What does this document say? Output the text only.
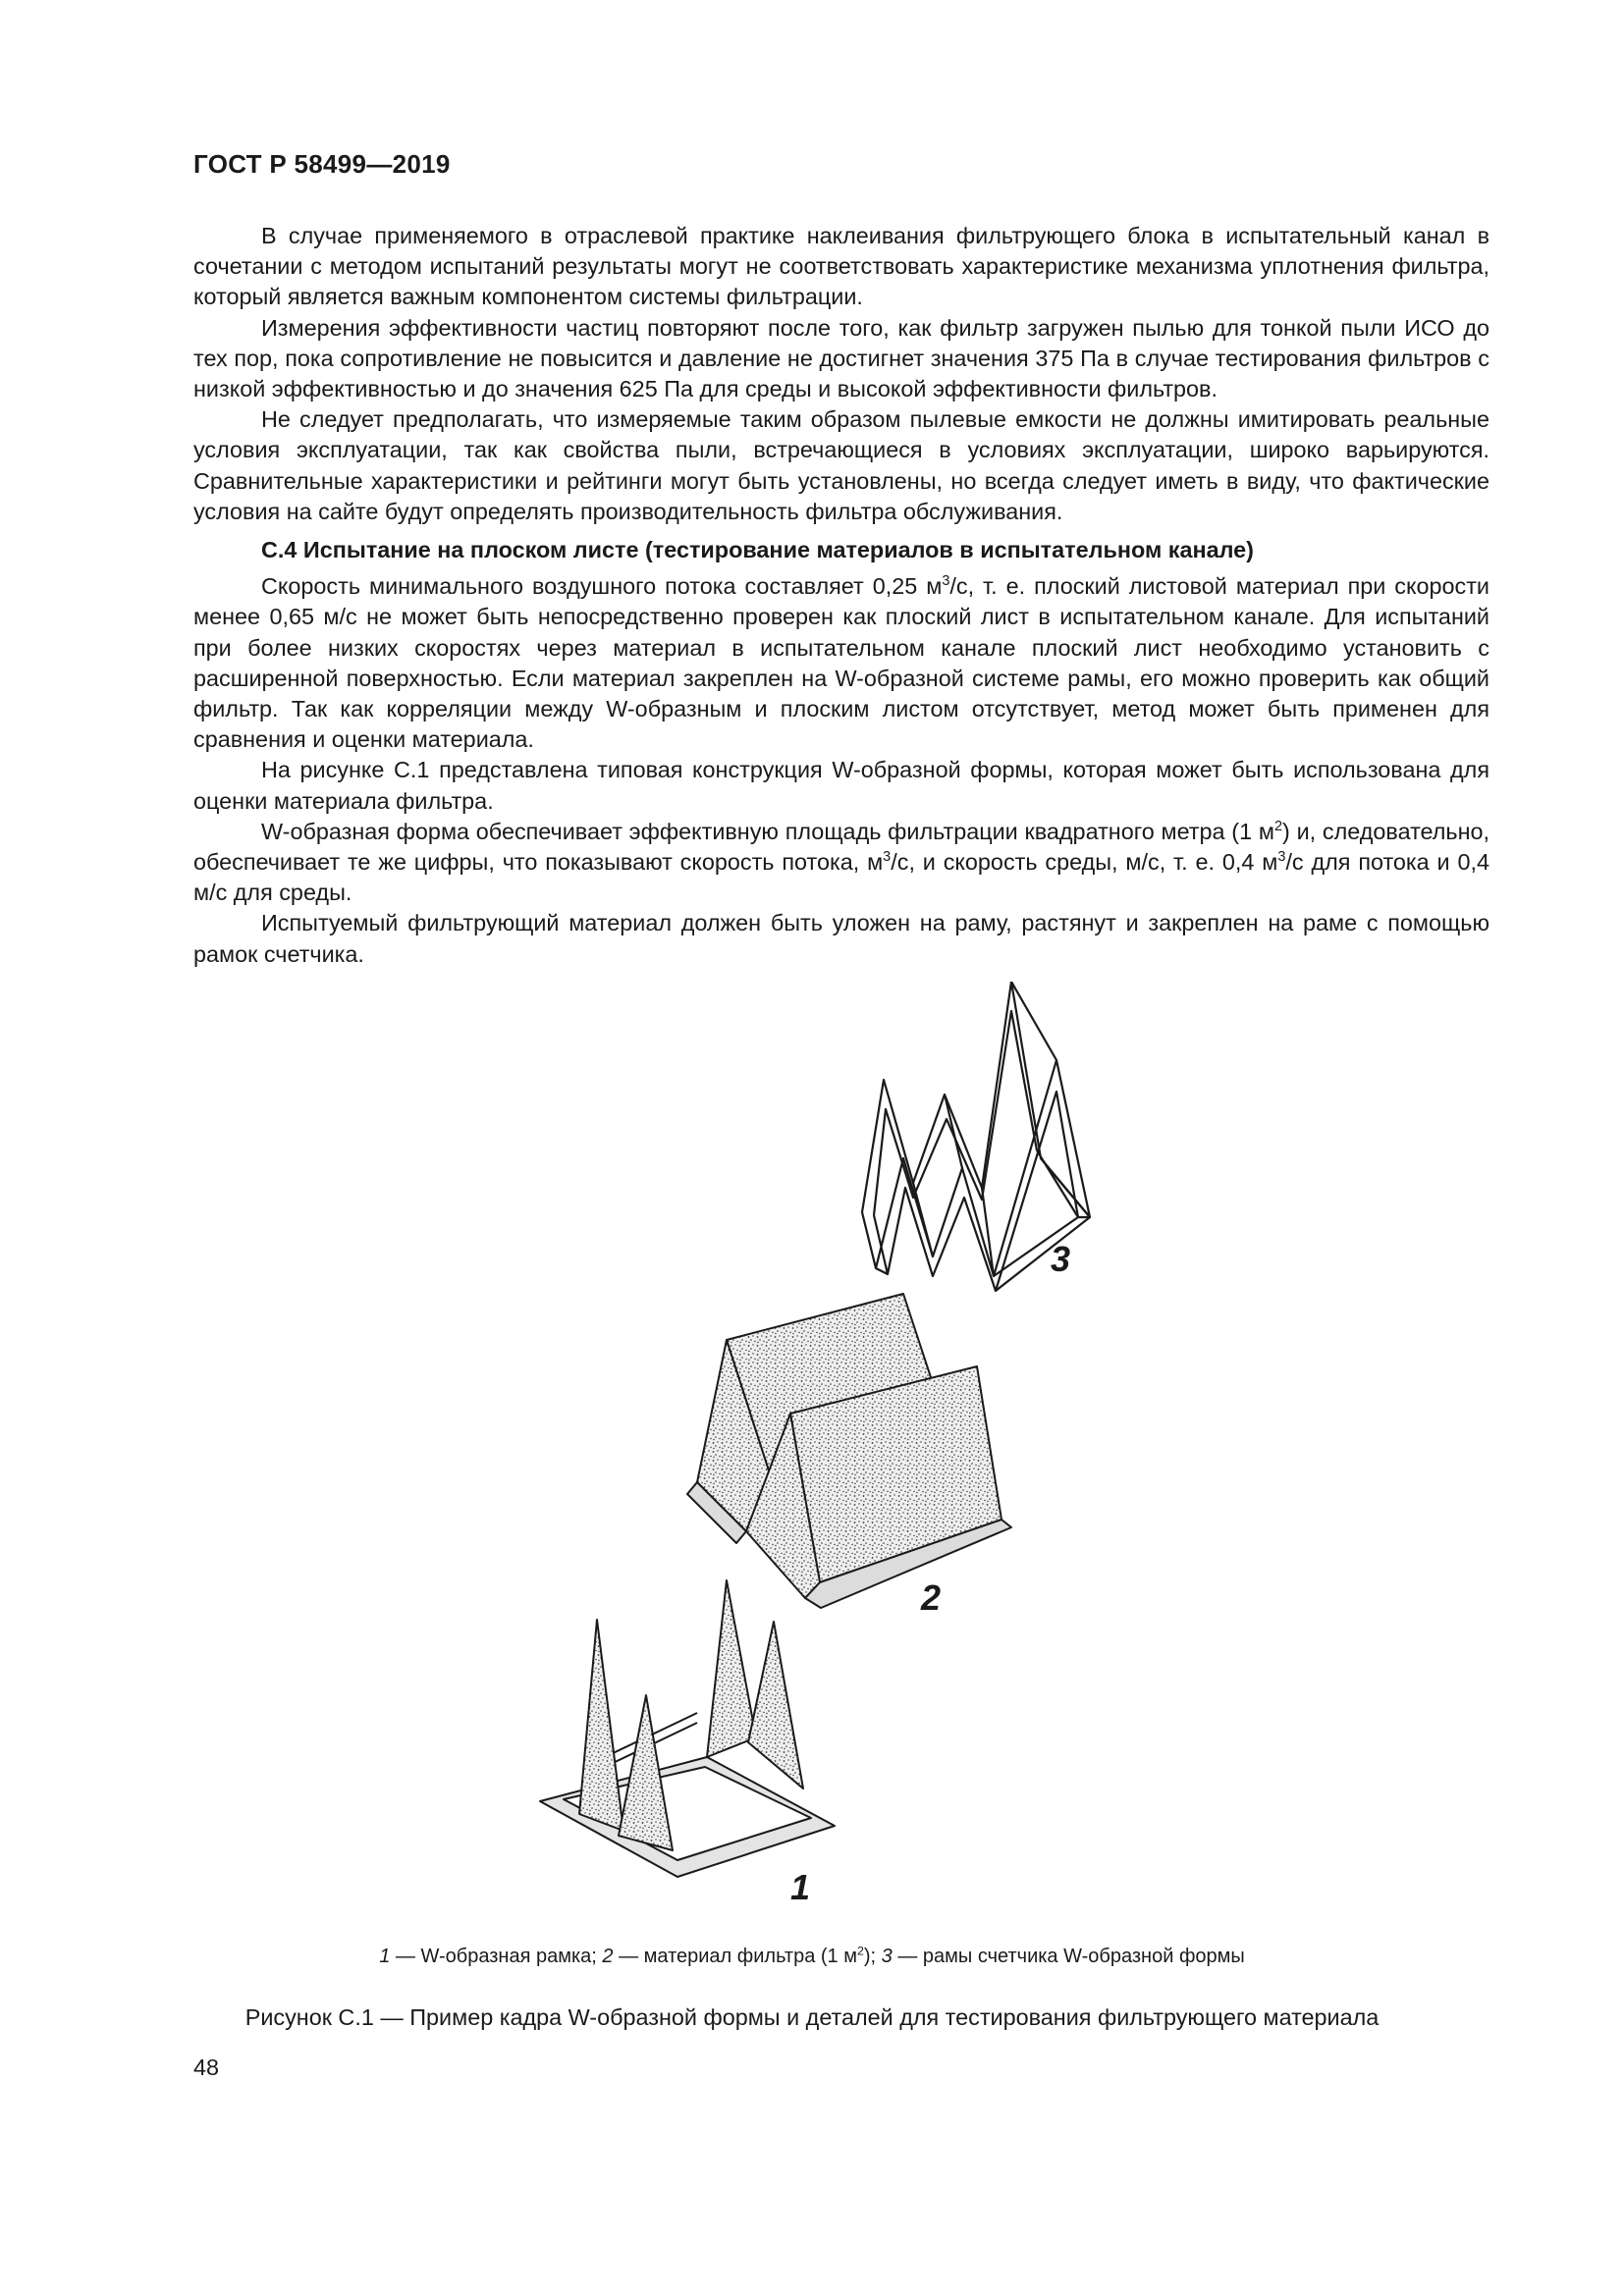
ГОСТ Р 58499—2019

В случае применяемого в отраслевой практике наклеивания фильтрующего блока в испытательный канал в сочетании с методом испытаний результаты могут не соответствовать характеристике механизма уплотнения фильтра, который является важным компонентом системы фильтрации.

Измерения эффективности частиц повторяют после того, как фильтр загружен пылью для тонкой пыли ИСО до тех пор, пока сопротивление не повысится и давление не достигнет значения 375 Па в случае тестирования фильтров с низкой эффективностью и до значения 625 Па для среды и высокой эффективности фильтров.

Не следует предполагать, что измеряемые таким образом пылевые емкости не должны имитировать реальные условия эксплуатации, так как свойства пыли, встречающиеся в условиях эксплуатации, широко варьируются. Сравнительные характеристики и рейтинги могут быть установлены, но всегда следует иметь в виду, что фактические условия на сайте будут определять производительность фильтра обслуживания.

C.4 Испытание на плоском листе (тестирование материалов в испытательном канале)

Скорость минимального воздушного потока составляет 0,25 $м^3/с$, т. е. плоский листовой материал при скорости менее 0,65 м/с не может быть непосредственно проверен как плоский лист в испытательном канале. Для испытаний при более низких скоростях через материал в испытательном канале плоский лист необходимо установить с расширенной поверхностью. Если материал закреплен на W-образной системе рамы, его можно проверить как общий фильтр. Так как корреляции между W-образным и плоским листом отсутствует, метод может быть применен для сравнения и оценки материала.

На рисунке C.1 представлена типовая конструкция W-образной формы, которая может быть использована для оценки материала фильтра.

W-образная форма обеспечивает эффективную площадь фильтрации квадратного метра (1 $м^2$) и, следовательно, обеспечивает те же цифры, что показывают скорость потока, $м^3/с$, и скорость среды, м/с, т. е. 0,4 $м^3/с$ для потока и 0,4 м/с для среды.

Испытуемый фильтрующий материал должен быть уложен на раму, растянут и закреплен на раме с помощью рамок счетчика.

3
2
1
1 — W-образная рамка; 2 — материал фильтра (1 $м^2$); 3 — рамы счетчика W-образной формы
Рисунок C.1 — Пример кадра W-образной формы и деталей для тестирования фильтрующего материала
48
